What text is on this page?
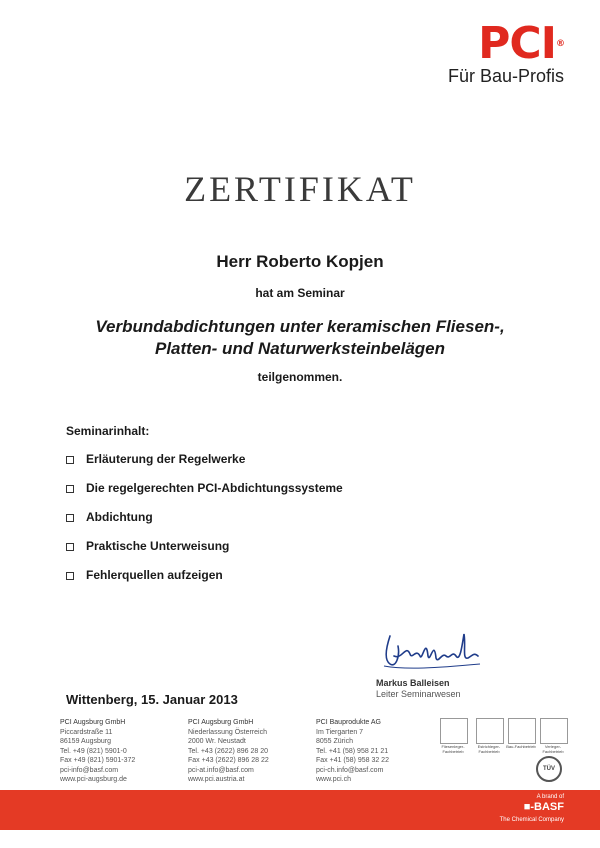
PCI®
Für Bau-Profis
ZERTIFIKAT
Herr Roberto Kopjen
hat am Seminar
Verbundabdichtungen unter keramischen Fliesen-,
Platten- und Naturwerksteinbelägen
teilgenommen.
Seminarinhalt:
Erläuterung der Regelwerke
Die regelgerechten PCI-Abdichtungssysteme
Abdichtung
Praktische Unterweisung
Fehlerquellen aufzeigen
Markus Balleisen
Leiter Seminarwesen
Wittenberg, 15. Januar 2013
PCI Augsburg GmbH
Piccardstraße 11
86159 Augsburg
Tel. +49 (821) 5901-0
Fax +49 (821) 5901-372
pci-info@basf.com
www.pci-augsburg.de
PCI Augsburg GmbH
Niederlassung Österreich
2000 Wr. Neustadt
Tel. +43 (2622) 896 28 20
Fax +43 (2622) 896 28 22
pci-at.info@basf.com
www.pci.austria.at
PCI Bauprodukte AG
Im Tiergarten 7
8055 Zürich
Tel. +41 (58) 958 21 21
Fax +41 (58) 958 32 22
pci-ch.info@basf.com
www.pci.ch
Fliesenleger-Fachbetrieb
Estrichleger-Fachbetrieb
Bau-Fachbetrieb	Verleger-Fachbetrieb
TÜV
A brand of
■-BASF
The Chemical Company
